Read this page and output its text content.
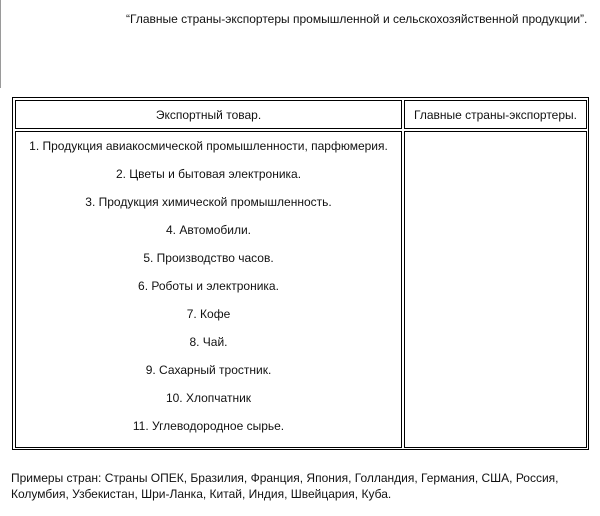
“Главные страны-экспортеры промышленной и сельскохозяйственной продукции”.
Экспортный товар.	Главные страны-экспортеры.
1. Продукция авиакосмической промышленности, парфюмерия.
2. Цветы и бытовая электроника.
3. Продукция химической промышленность.
4. Автомобили.
5. Производство часов.
6. Роботы и электроника.
7. Кофе
8. Чай.
9. Сахарный тростник.
10. Хлопчатник
11. Углеводородное сырье.
Примеры стран: Страны ОПЕК, Бразилия, Франция, Япония, Голландия, Германия, США, Россия, Колумбия, Узбекистан, Шри-Ланка, Китай, Индия, Швейцария, Куба.
